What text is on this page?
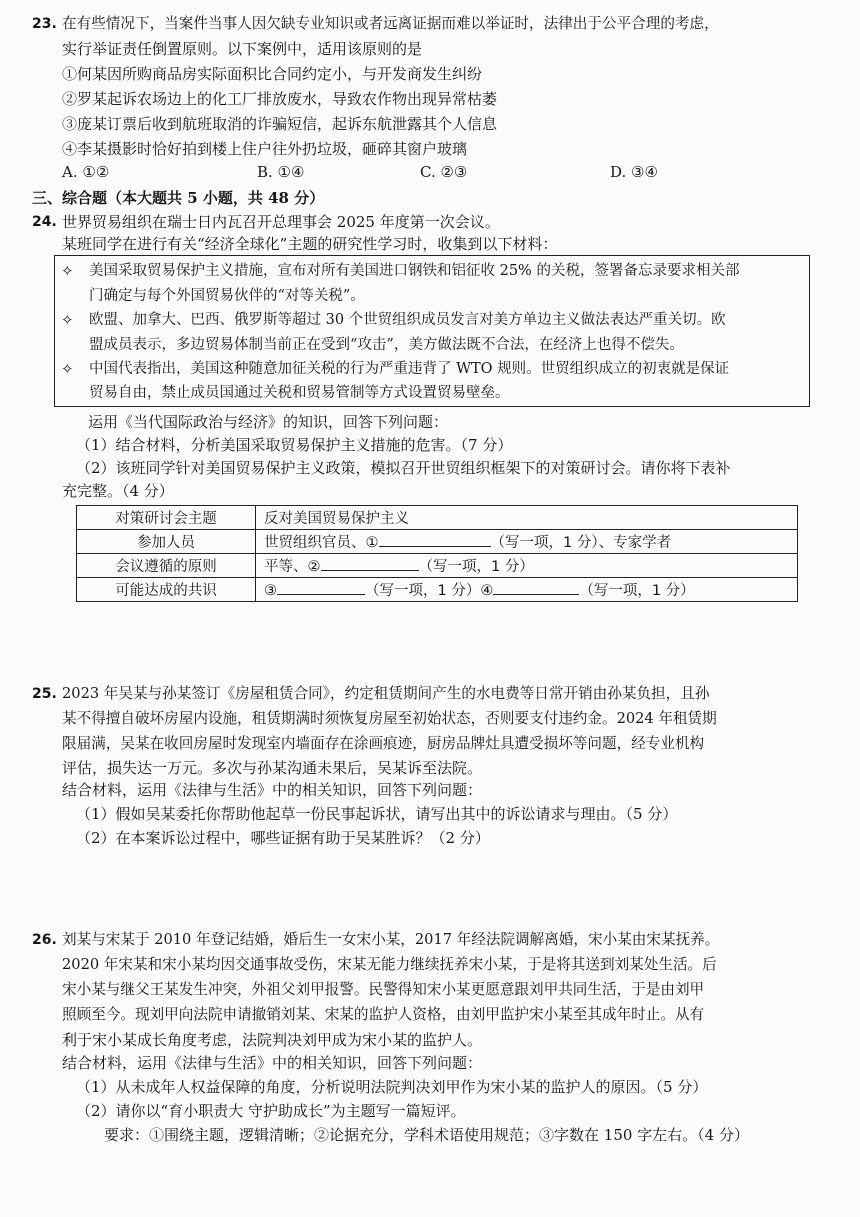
23. 在有些情况下，当案件当事人因欠缺专业知识或者远离证据而难以举证时，法律出于公平合理的考虑，
实行举证责任倒置原则。以下案例中，适用该原则的是
①何某因所购商品房实际面积比合同约定小，与开发商发生纠纷
②罗某起诉农场边上的化工厂排放废水，导致农作物出现异常枯萎
③庞某订票后收到航班取消的诈骗短信，起诉东航泄露其个人信息
④李某摄影时恰好拍到楼上住户往外扔垃圾，砸碎其窗户玻璃
A. ①②	B. ①④	C. ②③	D. ③④
三、综合题（本大题共 5 小题，共 48 分）
24. 世界贸易组织在瑞士日内瓦召开总理事会 2025 年度第一次会议。
某班同学在进行有关“经济全球化”主题的研究性学习时，收集到以下材料：
✧ 美国采取贸易保护主义措施，宣布对所有美国进口钢铁和铝征收 25% 的关税，签署备忘录要求相关部
门确定与每个外国贸易伙伴的“对等关税”。
✧ 欧盟、加拿大、巴西、俄罗斯等超过 30 个世贸组织成员发言对美方单边主义做法表达严重关切。欧
盟成员表示，多边贸易体制当前正在受到“攻击”，美方做法既不合法，在经济上也得不偿失。
✧ 中国代表指出，美国这种随意加征关税的行为严重违背了 WTO 规则。世贸组织成立的初衷就是保证
贸易自由，禁止成员国通过关税和贸易管制等方式设置贸易壁垒。
运用《当代国际政治与经济》的知识，回答下列问题：
（1）结合材料，分析美国采取贸易保护主义措施的危害。（7 分）
（2）该班同学针对美国贸易保护主义政策，模拟召开世贸组织框架下的对策研讨会。请你将下表补
充完整。（4 分）
对策研讨会主题	反对美国贸易保护主义
参加人员	世贸组织官员、① （写一项，1 分）、专家学者
会议遵循的原则	平等、② （写一项，1 分）
可能达成的共识	③ （写一项，1 分）④ （写一项，1 分）
25. 2023 年吴某与孙某签订《房屋租赁合同》，约定租赁期间产生的水电费等日常开销由孙某负担，且孙
某不得擅自破坏房屋内设施，租赁期满时须恢复房屋至初始状态，否则要支付违约金。2024 年租赁期
限届满，吴某在收回房屋时发现室内墙面存在涂画痕迹，厨房品牌灶具遭受损坏等问题，经专业机构
评估，损失达一万元。多次与孙某沟通未果后，吴某诉至法院。
结合材料，运用《法律与生活》中的相关知识，回答下列问题：
（1）假如吴某委托你帮助他起草一份民事起诉状，请写出其中的诉讼请求与理由。（5 分）
（2）在本案诉讼过程中，哪些证据有助于吴某胜诉？（2 分）
26. 刘某与宋某于 2010 年登记结婚，婚后生一女宋小某，2017 年经法院调解离婚，宋小某由宋某抚养。
2020 年宋某和宋小某均因交通事故受伤，宋某无能力继续抚养宋小某，于是将其送到刘某处生活。后
宋小某与继父王某发生冲突，外祖父刘甲报警。民警得知宋小某更愿意跟刘甲共同生活，于是由刘甲
照顾至今。现刘甲向法院申请撤销刘某、宋某的监护人资格，由刘甲监护宋小某至其成年时止。从有
利于宋小某成长角度考虑，法院判决刘甲成为宋小某的监护人。
结合材料，运用《法律与生活》中的相关知识，回答下列问题：
（1）从未成年人权益保障的角度，分析说明法院判决刘甲作为宋小某的监护人的原因。（5 分）
（2）请你以“育小职责大 守护助成长”为主题写一篇短评。
要求：①围绕主题，逻辑清晰；②论据充分，学科术语使用规范；③字数在 150 字左右。（4 分）
